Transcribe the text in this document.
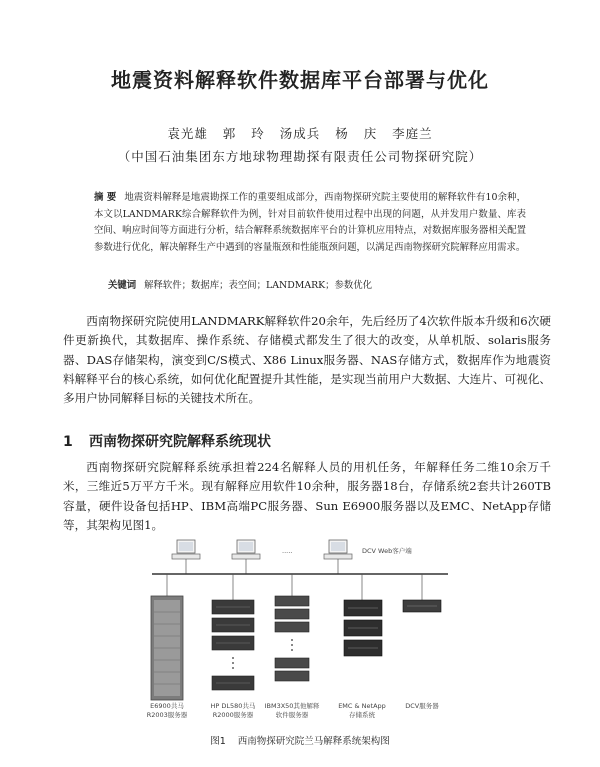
地震资料解释软件数据库平台部署与优化
袁光雄 郭 玲 汤成兵 杨 庆 李庭兰
（中国石油集团东方地球物理勘探有限责任公司物探研究院）

摘 要 地震资料解释是地震勘探工作的重要组成部分，西南物探研究院主要使用的解释软件有10余种，本文以LANDMARK综合解释软件为例，针对目前软件使用过程中出现的问题，从并发用户数量、库表空间、响应时间等方面进行分析，结合解释系统数据库平台的计算机应用特点，对数据库服务器相关配置参数进行优化，解决解释生产中遇到的容量瓶颈和性能瓶颈问题，以满足西南物探研究院解释应用需求。

关键词 解释软件；数据库；表空间；LANDMARK；参数优化

西南物探研究院使用LANDMARK解释软件20余年，先后经历了4次软件版本升级和6次硬件更新换代，其数据库、操作系统、存储模式都发生了很大的改变，从单机版、solaris服务器、DAS存储架构，演变到C/S模式、X86 Linux服务器、NAS存储方式，数据库作为地震资料解释平台的核心系统，如何优化配置提升其性能，是实现当前用户大数据、大连片、可视化、多用户协同解释目标的关键技术所在。

1 西南物探研究院解释系统现状

西南物探研究院解释系统承担着224名解释人员的用机任务，年解释任务二维10余万千米，三维近5万平方千米。现有解释应用软件10余种，服务器18台，存储系统2套共计260TB容量，硬件设备包括HP、IBM高端PC服务器、Sun E6900服务器以及EMC、NetApp存储等，其架构见图1。

.....	DCV Web客户端
E6900共马
R2003服务器
HP DL580共马
R2000服务器
IBM3X50其他解释
软件服务器
EMC & NetApp
存储系统
DCV服务器
图1 西南物探研究院兰马解释系统架构图
